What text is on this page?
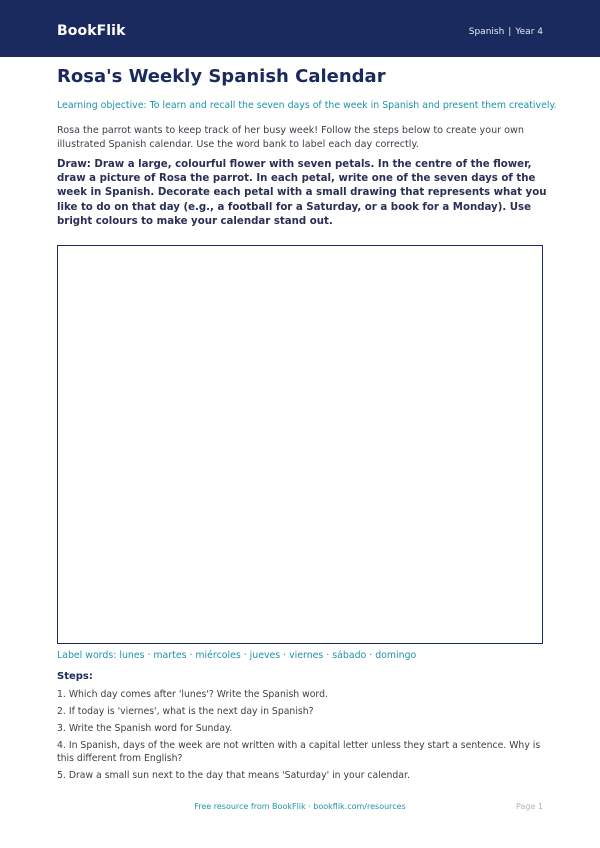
BookFlik	Spanish | Year 4
Rosa's Weekly Spanish Calendar

Learning objective: To learn and recall the seven days of the week in Spanish and present them creatively.

Rosa the parrot wants to keep track of her busy week! Follow the steps below to create your own illustrated Spanish calendar. Use the word bank to label each day correctly.

Draw: Draw a large, colourful flower with seven petals. In the centre of the flower, draw a picture of Rosa the parrot. In each petal, write one of the seven days of the week in Spanish. Decorate each petal with a small drawing that represents what you like to do on that day (e.g., a football for a Saturday, or a book for a Monday). Use bright colours to make your calendar stand out.

Label words: lunes · martes · miércoles · jueves · viernes · sábado · domingo

Steps:
1. Which day comes after 'lunes'? Write the Spanish word.
2. If today is 'viernes', what is the next day in Spanish?
3. Write the Spanish word for Sunday.
4. In Spanish, days of the week are not written with a capital letter unless they start a sentence. Why is this different from English?
5. Draw a small sun next to the day that means 'Saturday' in your calendar.
Free resource from BookFlik · bookflik.com/resources	Page 1
